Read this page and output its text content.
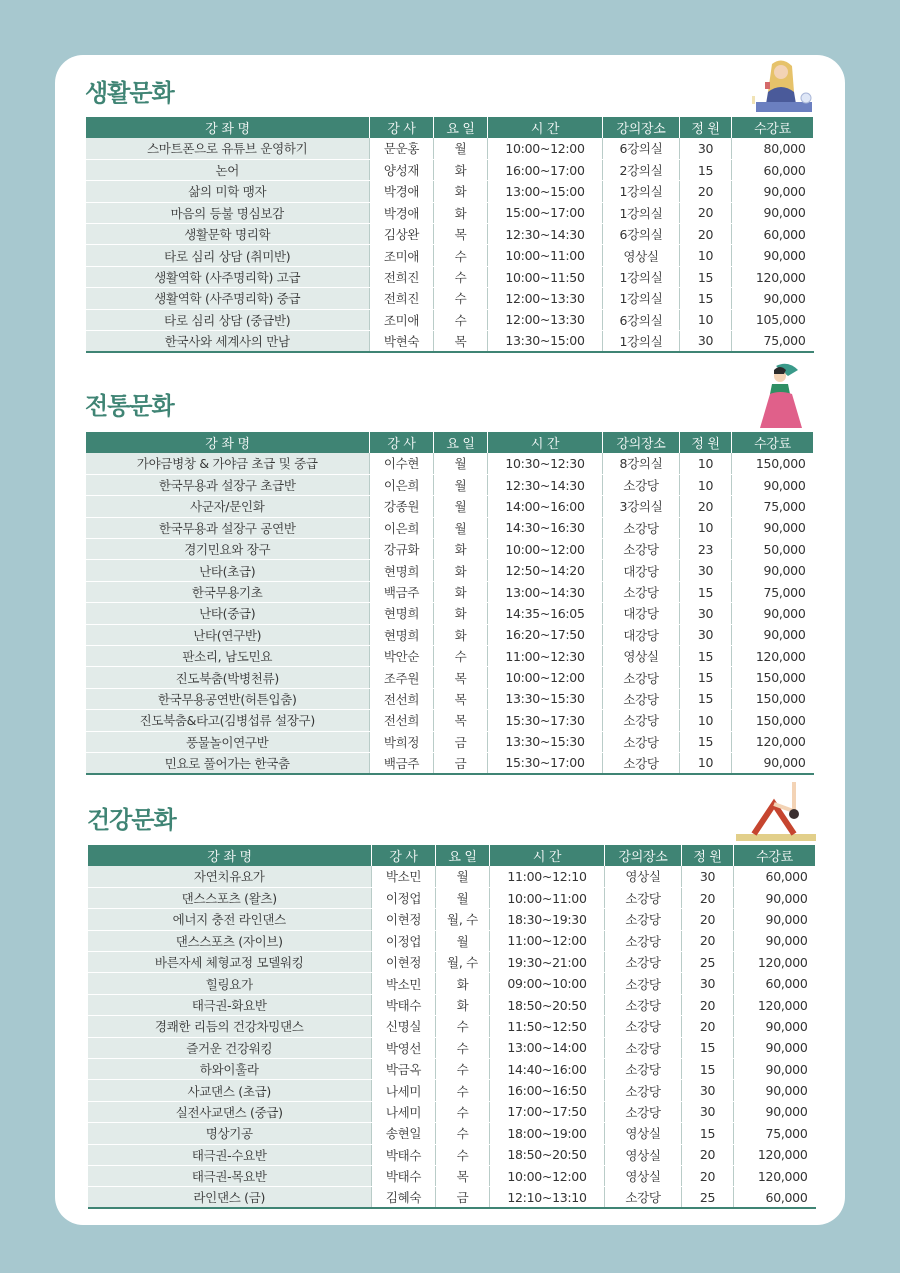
생활문화
강 좌 명	강 사	요 일	시 간	강의장소	정 원	수강료
스마트폰으로 유튜브 운영하기	문운홍	월	10:00~12:00	6강의실	30	80,000
논어	양성재	화	16:00~17:00	2강의실	15	60,000
삶의 미학 맹자	박경애	화	13:00~15:00	1강의실	20	90,000
마음의 등불 명심보감	박경애	화	15:00~17:00	1강의실	20	90,000
생활문학 명리학	김상완	목	12:30~14:30	6강의실	20	60,000
타로 심리 상담 (취미반)	조미애	수	10:00~11:00	영상실	10	90,000
생활역학 (사주명리학) 고급	전희진	수	10:00~11:50	1강의실	15	120,000
생활역학 (사주명리학) 중급	전희진	수	12:00~13:30	1강의실	15	90,000
타로 심리 상담 (중급반)	조미애	수	12:00~13:30	6강의실	10	105,000
한국사와 세계사의 만남	박현숙	목	13:30~15:00	1강의실	30	75,000
전통문화
강 좌 명	강 사	요 일	시 간	강의장소	정 원	수강료
가야금병창 & 가야금 초급 및 중급	이수현	월	10:30~12:30	8강의실	10	150,000
한국무용과 설장구 초급반	이은희	월	12:30~14:30	소강당	10	90,000
사군자/문인화	강종원	월	14:00~16:00	3강의실	20	75,000
한국무용과 설장구 공연반	이은희	월	14:30~16:30	소강당	10	90,000
경기민요와 장구	강규화	화	10:00~12:00	소강당	23	50,000
난타(초급)	현명희	화	12:50~14:20	대강당	30	90,000
한국무용기초	백금주	화	13:00~14:30	소강당	15	75,000
난타(중급)	현명희	화	14:35~16:05	대강당	30	90,000
난타(연구반)	현명희	화	16:20~17:50	대강당	30	90,000
판소리, 남도민요	박안순	수	11:00~12:30	영상실	15	120,000
진도북춤(박병천류)	조주원	목	10:00~12:00	소강당	15	150,000
한국무용공연반(허튼입춤)	전선희	목	13:30~15:30	소강당	15	150,000
진도북춤&타고(김병섭류 설장구)	전선희	목	15:30~17:30	소강당	10	150,000
풍물놀이연구반	박희정	금	13:30~15:30	소강당	15	120,000
민요로 풀어가는 한국춤	백금주	금	15:30~17:00	소강당	10	90,000
건강문화
강 좌 명	강 사	요 일	시 간	강의장소	정 원	수강료
자연치유요가	박소민	월	11:00~12:10	영상실	30	60,000
댄스스포츠 (왈츠)	이정업	월	10:00~11:00	소강당	20	90,000
에너지 충전 라인댄스	이현정	월, 수	18:30~19:30	소강당	20	90,000
댄스스포츠 (자이브)	이정업	월	11:00~12:00	소강당	20	90,000
바른자세 체형교정 모델워킹	이현정	월, 수	19:30~21:00	소강당	25	120,000
힐링요가	박소민	화	09:00~10:00	소강당	30	60,000
태극권-화요반	박태수	화	18:50~20:50	소강당	20	120,000
경쾌한 리듬의 건강차밍댄스	신명실	수	11:50~12:50	소강당	20	90,000
즐거운 건강워킹	박영선	수	13:00~14:00	소강당	15	90,000
하와이훌라	박금옥	수	14:40~16:00	소강당	15	90,000
사교댄스 (초급)	나세미	수	16:00~16:50	소강당	30	90,000
실전사교댄스 (중급)	나세미	수	17:00~17:50	소강당	30	90,000
명상기공	송현일	수	18:00~19:00	영상실	15	75,000
태극권-수요반	박태수	수	18:50~20:50	영상실	20	120,000
태극권-목요반	박태수	목	10:00~12:00	영상실	20	120,000
라인댄스 (금)	김혜숙	금	12:10~13:10	소강당	25	60,000
